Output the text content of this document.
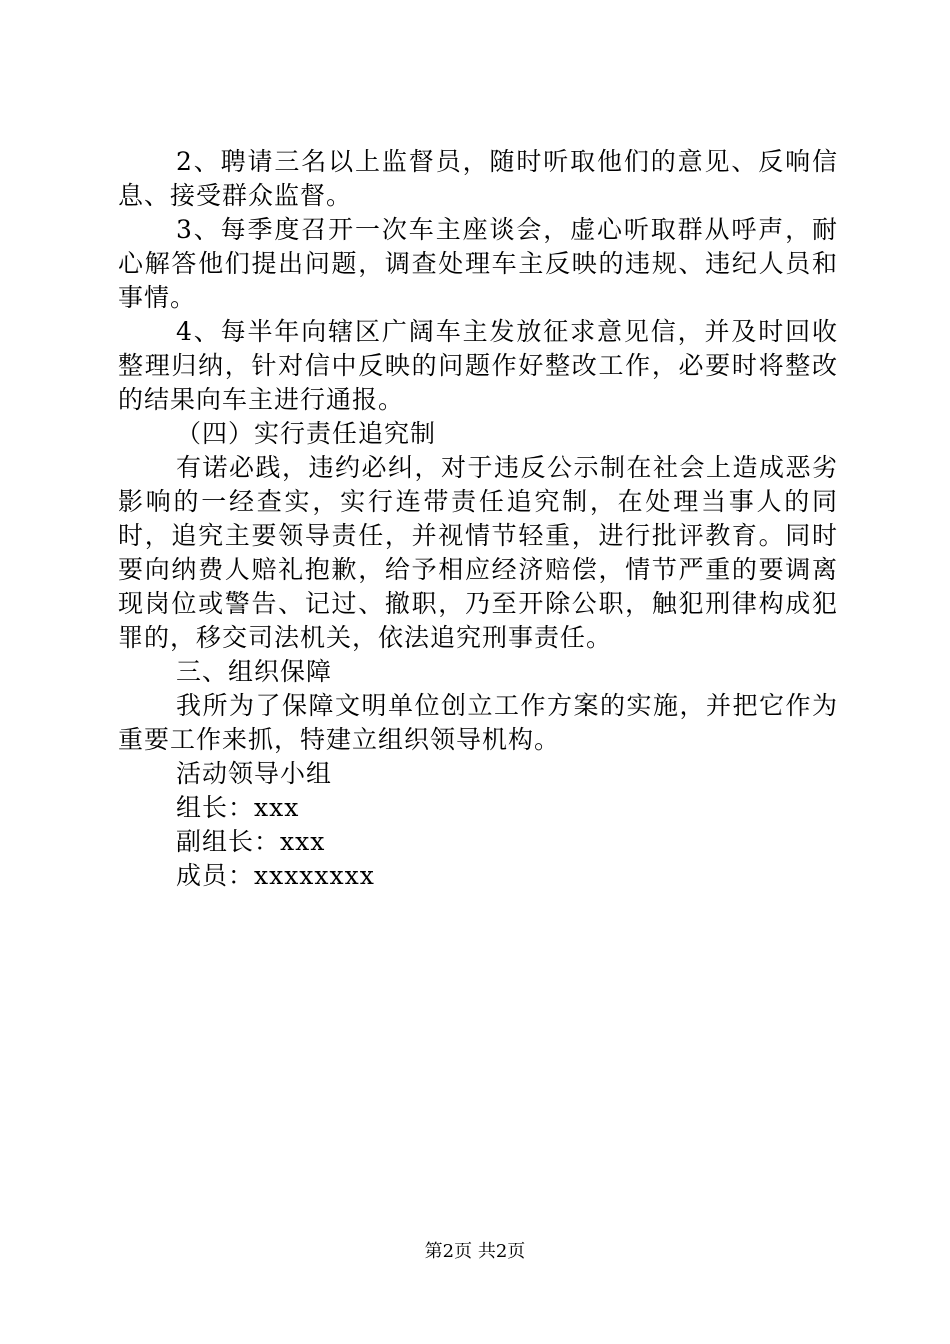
2、聘请三名以上监督员，随时听取他们的意见、反响信息、接受群众监督。

3、每季度召开一次车主座谈会，虚心听取群从呼声，耐心解答他们提出问题，调查处理车主反映的违规、违纪人员和事情。

4、每半年向辖区广阔车主发放征求意见信，并及时回收整理归纳，针对信中反映的问题作好整改工作，必要时将整改的结果向车主进行通报。

（四）实行责任追究制

有诺必践，违约必纠，对于违反公示制在社会上造成恶劣影响的一经查实，实行连带责任追究制，在处理当事人的同时，追究主要领导责任，并视情节轻重，进行批评教育。同时要向纳费人赔礼抱歉，给予相应经济赔偿，情节严重的要调离现岗位或警告、记过、撤职，乃至开除公职，触犯刑律构成犯罪的，移交司法机关，依法追究刑事责任。

三、组织保障

我所为了保障文明单位创立工作方案的实施，并把它作为重要工作来抓，特建立组织领导机构。

活动领导小组

组长：xxx

副组长：xxx

成员：xxxxxxxx

第2页 共2页
